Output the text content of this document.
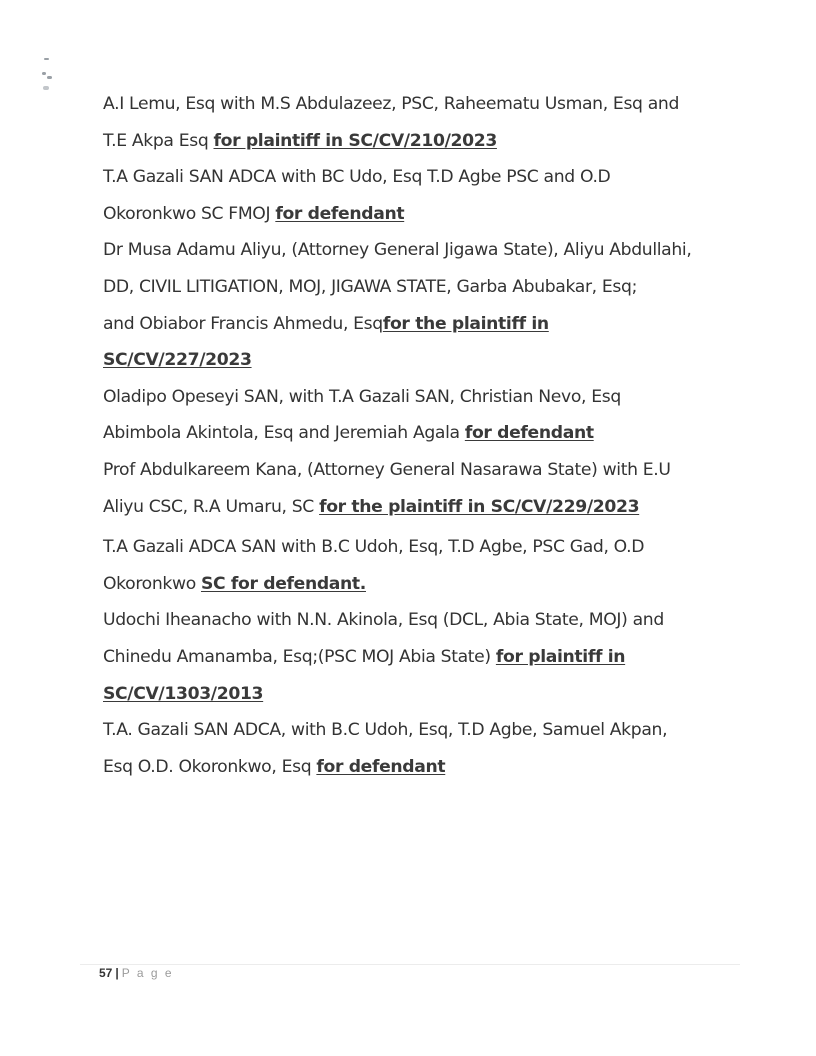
A.I Lemu, Esq with M.S Abdulazeez, PSC, Raheematu Usman, Esq and
T.E Akpa Esq for plaintiff in SC/CV/210/2023
T.A Gazali SAN ADCA with BC Udo, Esq T.D Agbe PSC and O.D
Okoronkwo SC FMOJ for defendant
Dr Musa Adamu Aliyu, (Attorney General Jigawa State), Aliyu Abdullahi,
DD, CIVIL LITIGATION, MOJ, JIGAWA STATE, Garba Abubakar, Esq;
and Obiabor Francis Ahmedu, Esqfor the plaintiff in
SC/CV/227/2023
Oladipo Opeseyi SAN, with T.A Gazali SAN, Christian Nevo, Esq
Abimbola Akintola, Esq and Jeremiah Agala for defendant
Prof Abdulkareem Kana, (Attorney General Nasarawa State) with E.U
Aliyu CSC, R.A Umaru, SC for the plaintiff in SC/CV/229/2023
T.A Gazali ADCA SAN with B.C Udoh, Esq, T.D Agbe, PSC Gad, O.D
Okoronkwo SC for defendant.
Udochi Iheanacho with N.N. Akinola, Esq (DCL, Abia State, MOJ) and
Chinedu Amanamba, Esq;(PSC MOJ Abia State) for plaintiff in
SC/CV/1303/2013
T.A. Gazali SAN ADCA, with B.C Udoh, Esq, T.D Agbe, Samuel Akpan,
Esq O.D. Okoronkwo, Esq for defendant
57 | P a g e
